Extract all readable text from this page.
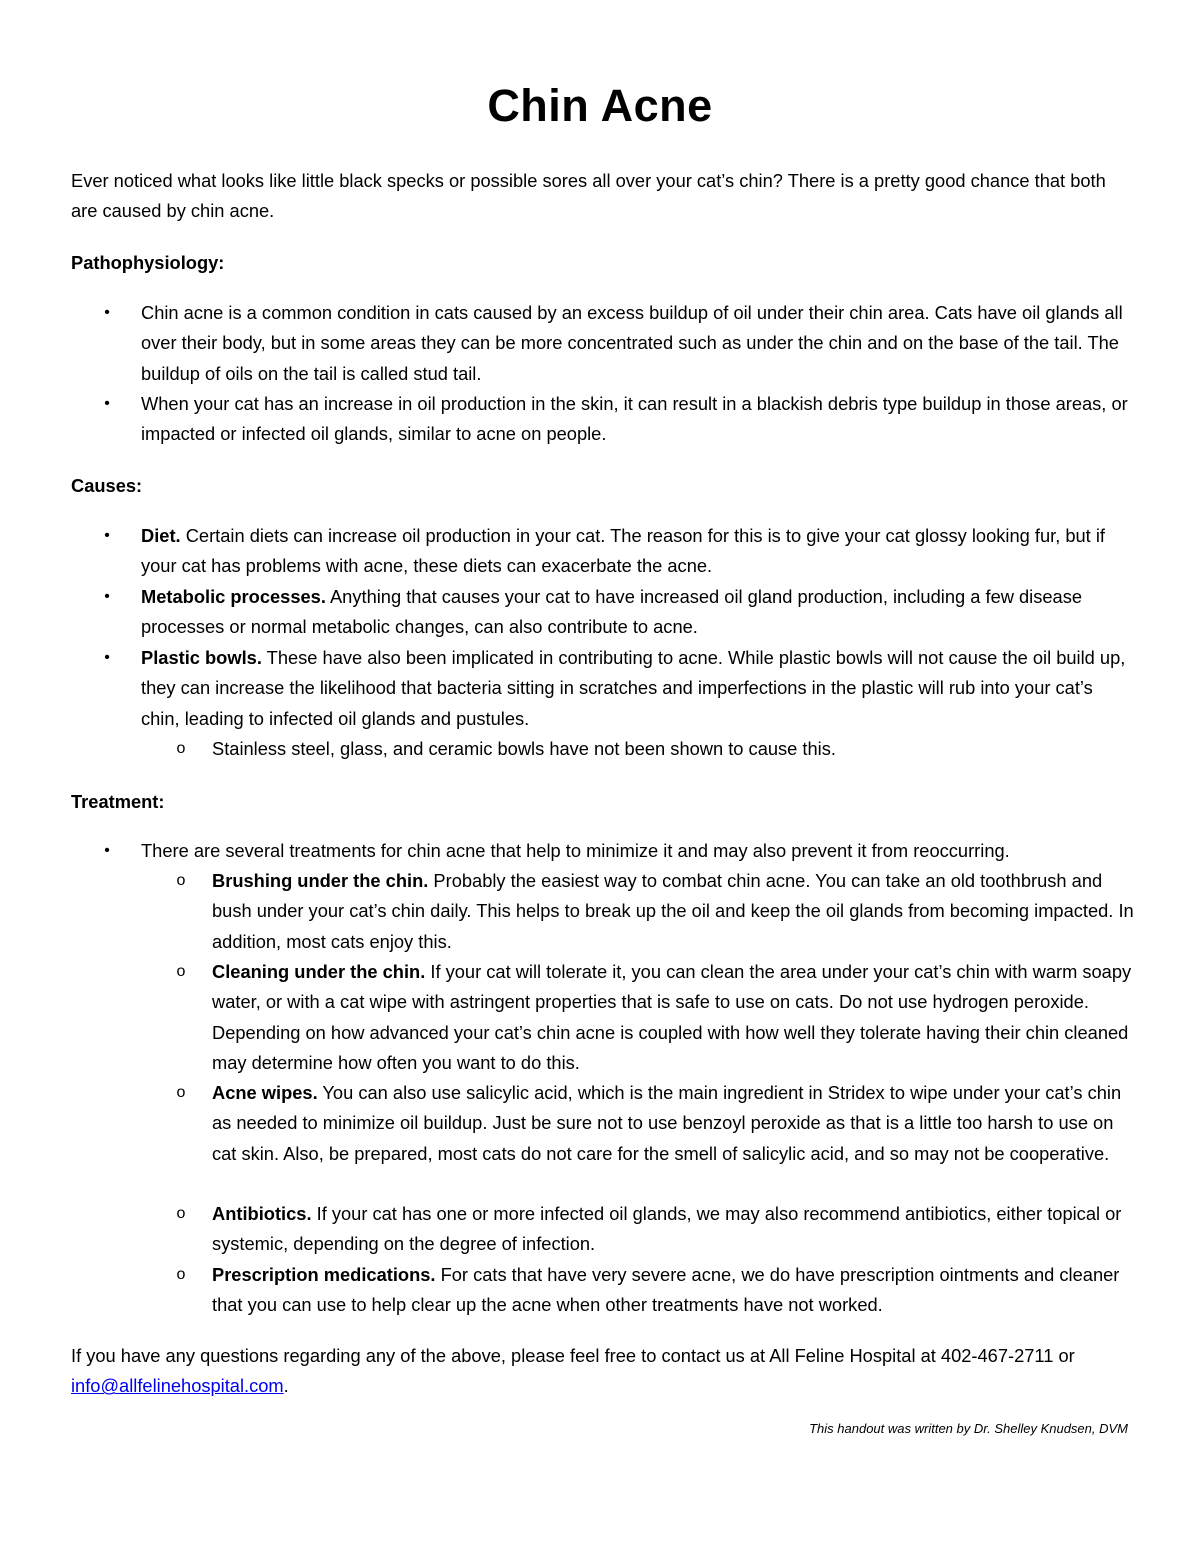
Chin Acne

Ever noticed what looks like little black specks or possible sores all over your cat’s chin? There is a pretty good chance that both are caused by chin acne.

Pathophysiology:

• Chin acne is a common condition in cats caused by an excess buildup of oil under their chin area. Cats have oil glands all over their body, but in some areas they can be more concentrated such as under the chin and on the base of the tail. The buildup of oils on the tail is called stud tail.
• When your cat has an increase in oil production in the skin, it can result in a blackish debris type buildup in those areas, or impacted or infected oil glands, similar to acne on people.

Causes:

• Diet. Certain diets can increase oil production in your cat. The reason for this is to give your cat glossy looking fur, but if your cat has problems with acne, these diets can exacerbate the acne.
• Metabolic processes. Anything that causes your cat to have increased oil gland production, including a few disease processes or normal metabolic changes, can also contribute to acne.
• Plastic bowls. These have also been implicated in contributing to acne. While plastic bowls will not cause the oil build up, they can increase the likelihood that bacteria sitting in scratches and imperfections in the plastic will rub into your cat’s chin, leading to infected oil glands and pustules.
o Stainless steel, glass, and ceramic bowls have not been shown to cause this.

Treatment:

• There are several treatments for chin acne that help to minimize it and may also prevent it from reoccurring.
o Brushing under the chin. Probably the easiest way to combat chin acne. You can take an old toothbrush and bush under your cat’s chin daily. This helps to break up the oil and keep the oil glands from becoming impacted. In addition, most cats enjoy this.
o Cleaning under the chin. If your cat will tolerate it, you can clean the area under your cat’s chin with warm soapy water, or with a cat wipe with astringent properties that is safe to use on cats. Do not use hydrogen peroxide. Depending on how advanced your cat’s chin acne is coupled with how well they tolerate having their chin cleaned may determine how often you want to do this.
o Acne wipes. You can also use salicylic acid, which is the main ingredient in Stridex to wipe under your cat’s chin as needed to minimize oil buildup. Just be sure not to use benzoyl peroxide as that is a little too harsh to use on cat skin. Also, be prepared, most cats do not care for the smell of salicylic acid, and so may not be cooperative.
o Antibiotics. If your cat has one or more infected oil glands, we may also recommend antibiotics, either topical or systemic, depending on the degree of infection.
o Prescription medications. For cats that have very severe acne, we do have prescription ointments and cleaner that you can use to help clear up the acne when other treatments have not worked.

If you have any questions regarding any of the above, please feel free to contact us at All Feline Hospital at 402-467-2711 or info@allfelinehospital.com.

This handout was written by Dr. Shelley Knudsen, DVM
